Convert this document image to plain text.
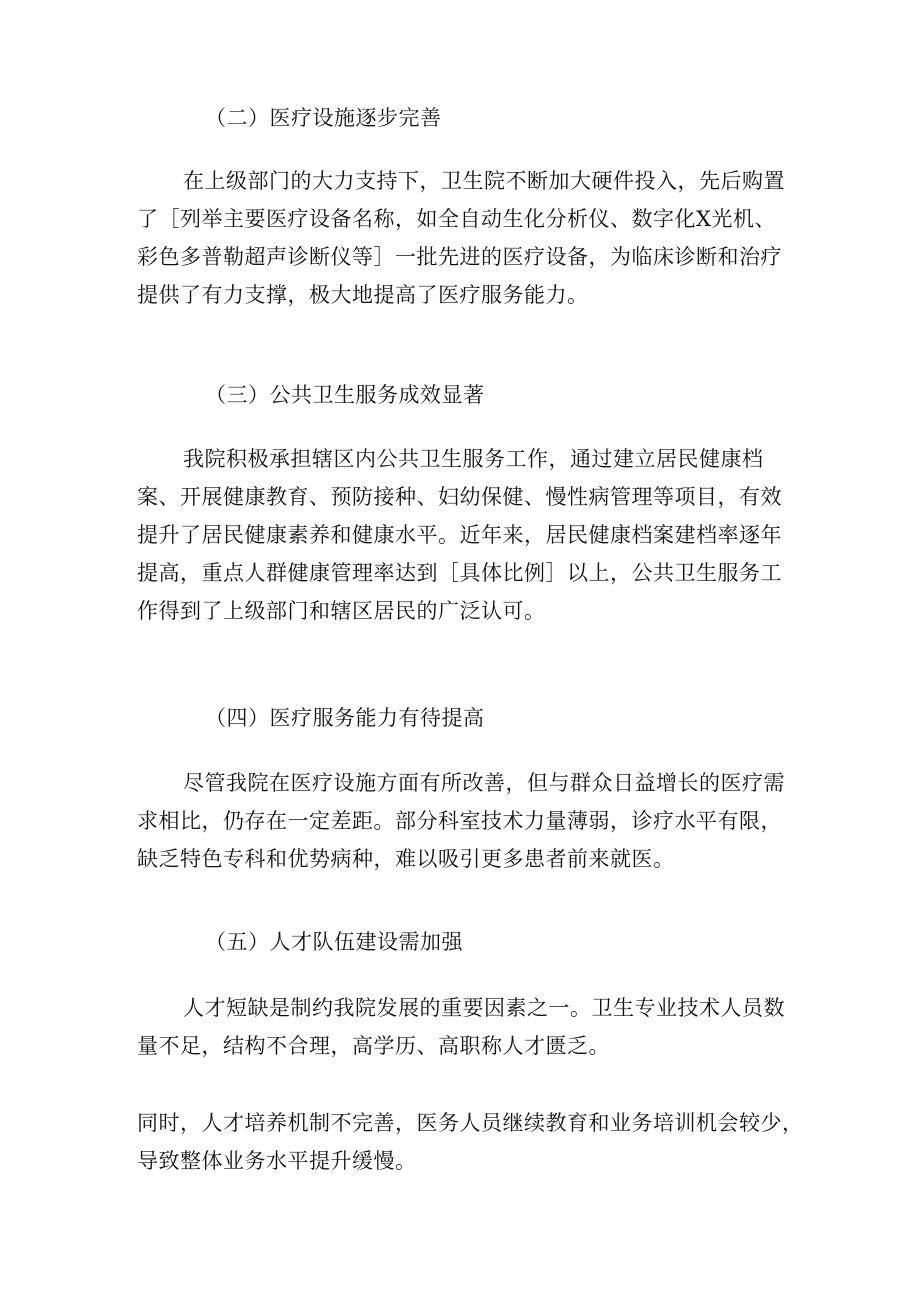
（二）医疗设施逐步完善
在上级部门的大力支持下，卫生院不断加大硬件投入，先后购置
了［列举主要医疗设备名称，如全自动生化分析仪、数字化X光机、
彩色多普勒超声诊断仪等］一批先进的医疗设备，为临床诊断和治疗
提供了有力支撑，极大地提高了医疗服务能力。
（三）公共卫生服务成效显著
我院积极承担辖区内公共卫生服务工作，通过建立居民健康档
案、开展健康教育、预防接种、妇幼保健、慢性病管理等项目，有效
提升了居民健康素养和健康水平。近年来，居民健康档案建档率逐年
提高，重点人群健康管理率达到［具体比例］以上，公共卫生服务工
作得到了上级部门和辖区居民的广泛认可。
（四）医疗服务能力有待提高
尽管我院在医疗设施方面有所改善，但与群众日益增长的医疗需
求相比，仍存在一定差距。部分科室技术力量薄弱，诊疗水平有限，
缺乏特色专科和优势病种，难以吸引更多患者前来就医。
（五）人才队伍建设需加强
人才短缺是制约我院发展的重要因素之一。卫生专业技术人员数
量不足，结构不合理，高学历、高职称人才匮乏。
同时，人才培养机制不完善，医务人员继续教育和业务培训机会较少，
导致整体业务水平提升缓慢。
